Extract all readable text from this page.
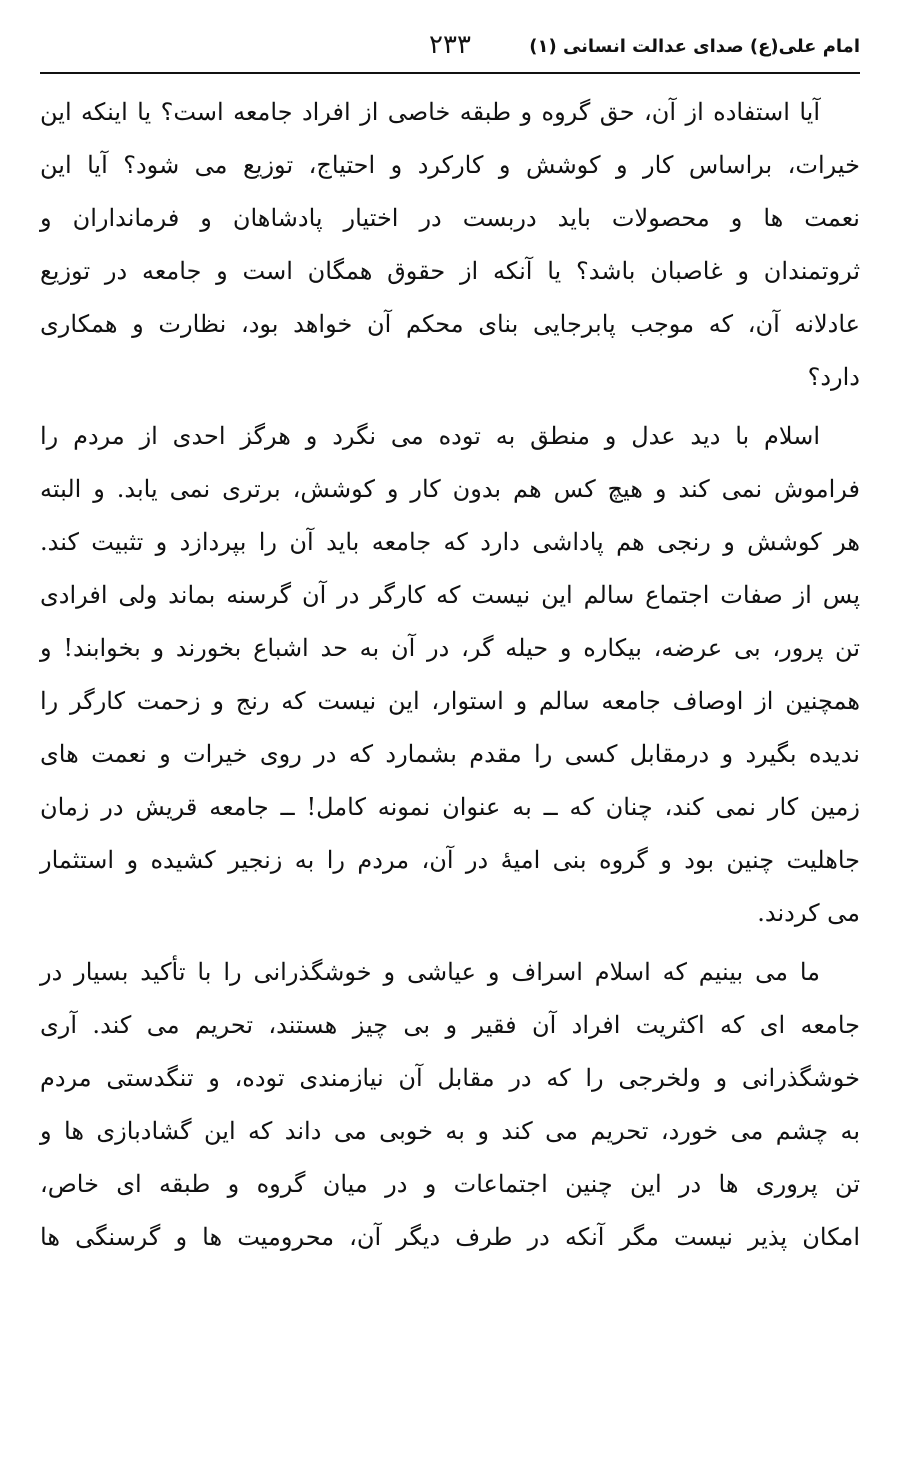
امام علی(ع) صدای عدالت انسانی (۱)
۲۳۳
آیا استفاده از آن، حق گروه و طبقه خاصی از افراد جامعه است؟ یا اینکه این
خیرات، براساس کار و کوشش و کارکرد و احتیاج، توزیع می شود؟ آیا این
نعمت ها و محصولات باید دربست در اختیار پادشاهان و فرمانداران و
ثروتمندان و غاصبان باشد؟ یا آنکه از حقوق همگان است و جامعه در توزیع
عادلانه آن، که موجب پابرجایی بنای محکم آن خواهد بود، نظارت و همکاری
دارد؟
اسلام با دید عدل و منطق به توده می نگرد و هرگز احدی از مردم را
فراموش نمی کند و هیچ کس هم بدون کار و کوشش، برتری نمی یابد. و البته
هر کوشش و رنجی هم پاداشی دارد که جامعه باید آن را بپردازد و تثبیت کند.
پس از صفات اجتماع سالم این نیست که کارگر در آن گرسنه بماند ولی افرادی
تن پرور، بی عرضه، بیکاره و حیله گر، در آن به حد اشباع بخورند و بخوابند! و
همچنین از اوصاف جامعه سالم و استوار، این نیست که رنج و زحمت کارگر را
ندیده بگیرد و درمقابل کسی را مقدم بشمارد که در روی خیرات و نعمت های
زمین کار نمی کند، چنان که ــ به عنوان نمونه کامل! ــ جامعه قریش در زمان
جاهلیت چنین بود و گروه بنی امیهٔ در آن، مردم را به زنجیر کشیده و استثمار
می کردند.
ما می بینیم که اسلام اسراف و عیاشی و خوشگذرانی را با تأکید بسیار در
جامعه ای که اکثریت افراد آن فقیر و بی چیز هستند، تحریم می کند. آری
خوشگذرانی و ولخرجی را که در مقابل آن نیازمندی توده، و تنگدستی مردم
به چشم می خورد، تحریم می کند و به خوبی می داند که این گشادبازی ها و
تن پروری ها در این چنین اجتماعات و در میان گروه و طبقه ای خاص،
امکان پذیر نیست مگر آنکه در طرف دیگر آن، محرومیت ها و گرسنگی ها
